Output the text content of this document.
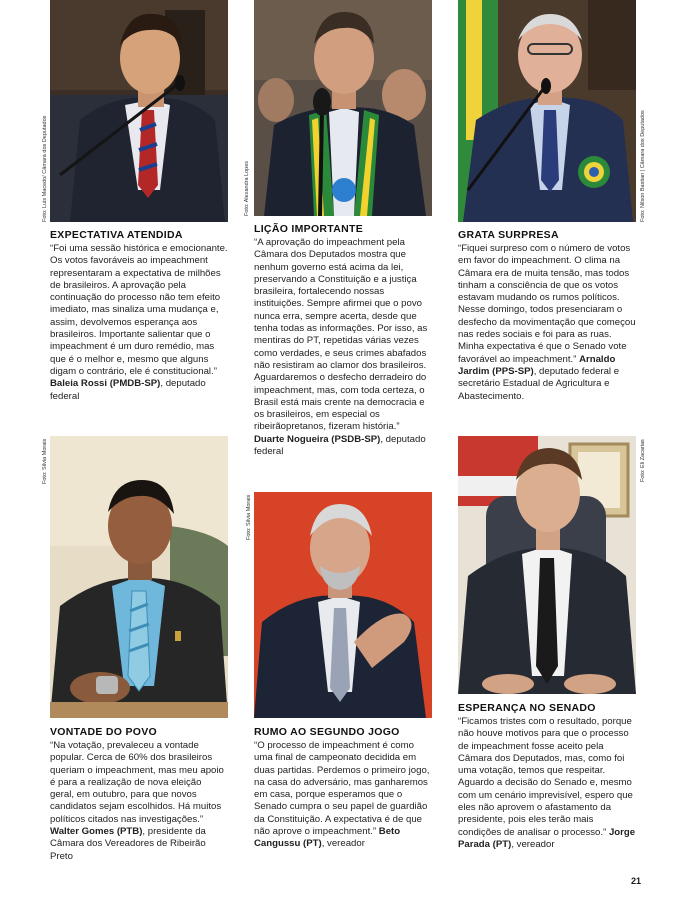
Foto: Luis Macedo/ Câmara dos Deputados	Foto: Alexandra Lopes	Foto: Nilson Bastian | Câmara dos Deputados

EXPECTATIVA ATENDIDA

“Foi uma sessão histórica e emocionante. Os votos favoráveis ao impeachment representaram a expectativa de milhões de brasileiros. A aprovação pela continuação do processo não tem efeito imediato, mas sinaliza uma mudança e, assim, devolvemos esperança aos brasileiros. Importante salientar que o impeachment é um duro remédio, mas que é o melhor e, mesmo que alguns digam o contrário, ele é constitucional.” Baleia Rossi (PMDB-SP), deputado federal

LIÇÃO IMPORTANTE

“A aprovação do impeachment pela Câmara dos Deputados mostra que nenhum governo está acima da lei, preservando a Constituição e a justiça brasileira, fortalecendo nossas instituições. Sempre afirmei que o povo nunca erra, sempre acerta, desde que tenha todas as informações. Por isso, as mentiras do PT, repetidas várias vezes como verdades, e seus crimes abafados não resistiram ao clamor dos brasileiros. Aguardaremos o desfecho derradeiro do impeachment, mas, com toda certeza, o Brasil está mais crente na democracia e os brasileiros, em especial os ribeirãopretanos, fizeram história.” Duarte Nogueira (PSDB-SP), deputado federal

GRATA SURPRESA

“Fiquei surpreso com o número de votos em favor do impeachment. O clima na Câmara era de muita tensão, mas todos tinham a consciência de que os votos estavam mudando os rumos políticos. Nesse domingo, todos presenciaram o desfecho da movimentação que começou nas redes sociais e foi para as ruas. Minha expectativa é que o Senado vote favorável ao impeachment.” Arnaldo Jardim (PPS-SP), deputado federal e secretário Estadual de Agricultura e Abastecimento.

Foto: Silvia Morais
Foto: Silvia Morais
Foto: Eli Zacarias

VONTADE DO POVO

“Na votação, prevaleceu a vontade popular. Cerca de 60% dos brasileiros queriam o impeachment, mas meu apoio é para a realização de nova eleição geral, em outubro, para que novos candidatos sejam escolhidos. Há muitos políticos citados nas investigações.” Walter Gomes (PTB), presidente da Câmara dos Vereadores de Ribeirão Preto

RUMO AO SEGUNDO JOGO

“O processo de impeachment é como uma final de campeonato decidida em duas partidas. Perdemos o primeiro jogo, na casa do adversário, mas ganharemos em casa, porque esperamos que o Senado cumpra o seu papel de guardião da Constituição. A expectativa é de que não aprove o impeachment.” Beto Cangussu (PT), vereador

ESPERANÇA NO SENADO

“Ficamos tristes com o resultado, porque não houve motivos para que o processo de impeachment fosse aceito pela Câmara dos Deputados, mas, como foi uma votação, temos que respeitar. Aguardo a decisão do Senado e, mesmo com um cenário imprevisível, espero que eles não aprovem o afastamento da presidente, pois eles terão mais condições de analisar o processo.” Jorge Parada (PT), vereador

21
